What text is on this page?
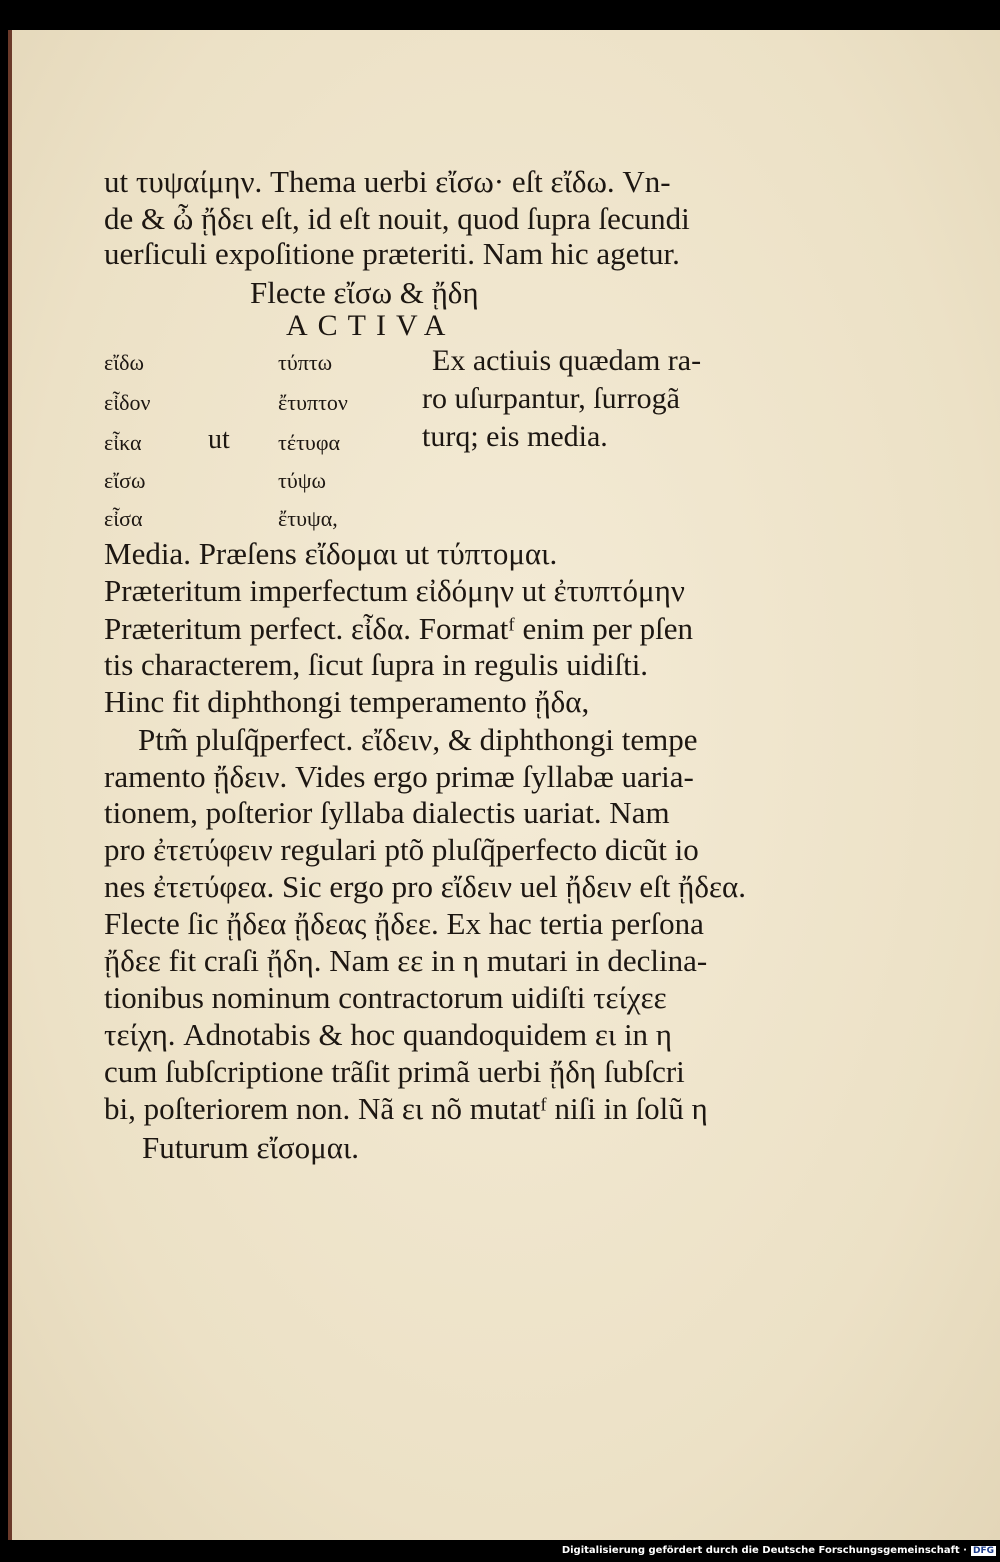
ut τυψαίμην. Thema uerbi εἴσω· eſt εἴδω. Vn‑
de & ὦ ᾔδει eſt, id eſt nouit, quod ſupra ſecundi
uerſiculi expoſitione præteriti. Nam hic agetur.
Flecte εἴσω & ᾔδη
ACTIVA
εἴδω	τύπτω	Ex actiuis quædam ra‑
εἶδον	ἔτυπτον ro uſurpantur, ſurrogã
εἶκα ut τέτυφα	turq; eis media.
εἴσω	τύψω
εἶσα	ἔτυψα,
Media. Præſens εἴδομαι ut τύπτομαι.
Præteritum imperfectum εἰδόμην ut ἐτυπτόμην
Præteritum perfect. εἶδα. Formatᶠ enim per pſen
tis characterem, ſicut ſupra in regulis uidiſti.
Hinc fit diphthongi temperamento ᾔδα,
Ptm̃ pluſq̃perfect. εἴδειν, & diphthongi tempe
ramento ᾔδειν. Vides ergo primæ ſyllabæ uaria‑
tionem, poſterior ſyllaba dialectis uariat. Nam
pro ἐτετύφειν regulari ptõ pluſq̃perfecto dicũt io
nes ἐτετύφεα. Sic ergo pro εἴδειν uel ᾔδειν eſt ᾔδεα.
Flecte ſic ᾔδεα ᾔδεας ᾔδεε. Ex hac tertia perſona
ᾔδεε fit craſi ᾔδη. Nam εε in η mutari in declina‑
tionibus nominum contractorum uidiſti τείχεε
τείχη. Adnotabis & hoc quandoquidem ει in η
cum ſubſcriptione trãſit primã uerbi ᾔδη ſubſcri
bi, poſteriorem non. Nã ει nõ mutatᶠ niſi in ſolũ η
Futurum εἴσομαι.
Digitalisierung gefördert durch die Deutsche Forschungsgemeinschaft · DFG
